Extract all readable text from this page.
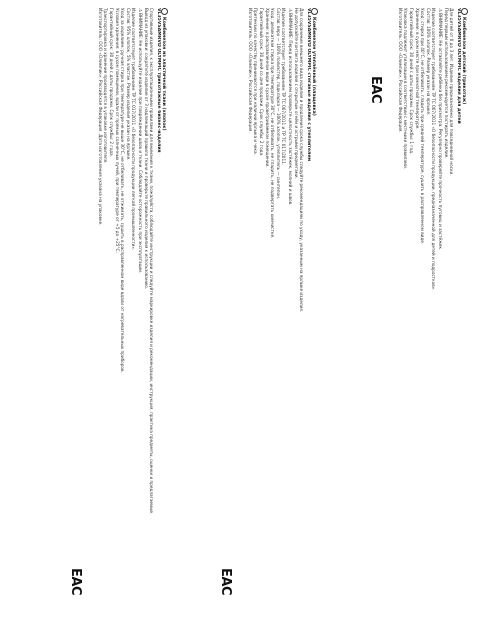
Комбинезон из эластичной ткани (хлопок)
VL35VSAMRVD OLYMPIC трикотажные бизнес-изделия

Спортивные изделия, к эксплуатационными правилами для внимания к ткани, пожалуйста, соблюдайте инструкции и следуйте маркировке изделия и рекомендации, инструкция, практика предметы, оценки и предлагаемые.

Вывод из упаковки: сократите изделие от 3 надлежащий правило ткани и проверьте правильного изделия к использованию.

⚠ ВНИМАНИЕ: Не используйте изделие при повреждении швов и ткани. Соблюдайте осторожность при эксплуатации.

Изделие соответствует требованиям ТР ТС 017/2011 «О безопасности продукции легкой промышленности».

Состав: 95% хлопок, 5% эластан. Размер изделия указан на ярлыке.

Уход за изделием: ручная стирка при температуре не выше 30°С, не отбеливать, не отжимать, сушить в расправленном виде вдали от нагревательных приборов.

Условия хранения: в сухом помещении, вдали от прямых солнечных лучей, при температуре от +5 до +25°С.

Гарантийный срок: 30 дней с даты продажи. Срок службы: 2 года.

Транспортировка и хранение производятся в упаковке изготовителя.

Изготовитель: ООО «Олимпик», Российская Федерация. Дата изготовления указана на упаковке.	Комбинезон утеплённый (плащевка)
VL35VSAMRVD OLYMPIC стеганые изделия с утеплителем

Для сохранения внешнего вида изделия и продления срока службы следуйте рекомендациям по уходу, указанным на ярлыке изделия.

Не допускайте контакта изделия с открытым огнём и острыми предметами.

⚠ ВНИМАНИЕ: Перед использованием проверьте целостность застёжек, молний и швов.

Изделие соответствует требованиям ТР ТС 007/2011 и ТР ТС 017/2011.

Состав: верх — 100% полиэстер, подкладка — 100% хлопок, утеплитель — синтепон.

Уход: деликатная стирка при температуре 30°С, не отбеливать, не гладить, не подвергать химчистке.

Хранение: в расправленном виде в сухом проветриваемом помещении.

Гарантийный срок: 30 дней со дня продажи. Срок службы: 2 года.

Претензии по качеству принимаются при наличии ярлыка и чека.

Изготовитель: ООО «Олимпик», Российская Федерация.	Комбинезон детский (трикотаж)
VL35VSAMRVD OLYMPIC изделия для детей

Для детей от 0 до 3 лет. Изделие предназначено для повседневной носки.

Перед первым использованием рекомендуется постирать изделие.

⚠ ВНИМАНИЕ: Не оставляйте ребёнка без присмотра. Регулярно проверяйте прочность пуговиц и застёжек.

Изделие соответствует требованиям ТР ТС 007/2011 «О безопасности продукции, предназначенной для детей и подростков».

Состав: 100% хлопок. Размер указан на ярлыке.

Уход: стирка при 40°С, не отбеливать, гладить при средней температуре, сушить в расправленном виде.

Хранение: в сухом месте при комнатной температуре.

Гарантийный срок: 30 дней с даты продажи. Срок службы: 1 год.

Упаковка подлежит утилизации в соответствии с местными правилами.

Изготовитель: ООО «Олимпик», Российская Федерация.

EAC	EAC
EAC
